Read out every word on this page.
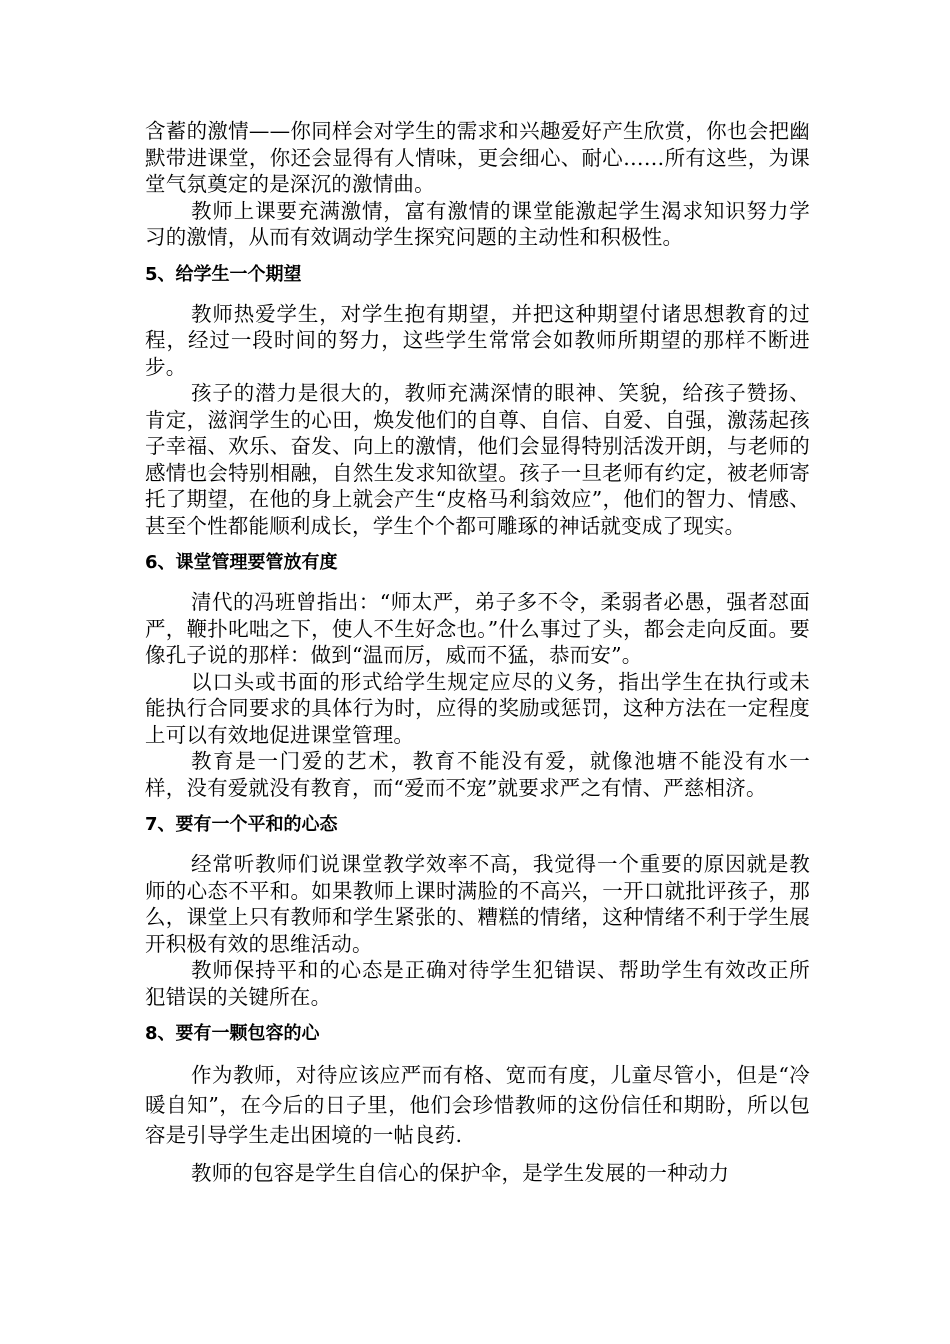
含蓄的激情——你同样会对学生的需求和兴趣爱好产生欣赏，你也会把幽默带进课堂，你还会显得有人情味，更会细心、耐心……所有这些，为课堂气氛奠定的是深沉的激情曲。

教师上课要充满激情，富有激情的课堂能激起学生渴求知识努力学习的激情，从而有效调动学生探究问题的主动性和积极性。

5、给学生一个期望

教师热爱学生，对学生抱有期望，并把这种期望付诸思想教育的过程，经过一段时间的努力，这些学生常常会如教师所期望的那样不断进步。

孩子的潜力是很大的，教师充满深情的眼神、笑貌，给孩子赞扬、肯定，滋润学生的心田，焕发他们的自尊、自信、自爱、自强，激荡起孩子幸福、欢乐、奋发、向上的激情，他们会显得特别活泼开朗，与老师的感情也会特别相融，自然生发求知欲望。孩子一旦老师有约定，被老师寄托了期望，在他的身上就会产生“皮格马利翁效应”，他们的智力、情感、甚至个性都能顺利成长，学生个个都可雕琢的神话就变成了现实。

6、课堂管理要管放有度

清代的冯班曾指出：“师太严，弟子多不令，柔弱者必愚，强者怼面严，鞭扑叱咄之下，使人不生好念也。”什么事过了头，都会走向反面。要像孔子说的那样：做到“温而厉，威而不猛，恭而安”。

以口头或书面的形式给学生规定应尽的义务，指出学生在执行或未能执行合同要求的具体行为时，应得的奖励或惩罚，这种方法在一定程度上可以有效地促进课堂管理。

教育是一门爱的艺术，教育不能没有爱，就像池塘不能没有水一样，没有爱就没有教育，而“爱而不宠”就要求严之有情、严慈相济。

7、要有一个平和的心态

经常听教师们说课堂教学效率不高，我觉得一个重要的原因就是教师的心态不平和。如果教师上课时满脸的不高兴，一开口就批评孩子，那么，课堂上只有教师和学生紧张的、糟糕的情绪，这种情绪不利于学生展开积极有效的思维活动。

教师保持平和的心态是正确对待学生犯错误、帮助学生有效改正所犯错误的关键所在。

8、要有一颗包容的心

作为教师，对待应该应严而有格、宽而有度，儿童尽管小，但是“冷暖自知”，在今后的日子里，他们会珍惜教师的这份信任和期盼，所以包容是引导学生走出困境的一帖良药.

教师的包容是学生自信心的保护伞，是学生发展的一种动力
